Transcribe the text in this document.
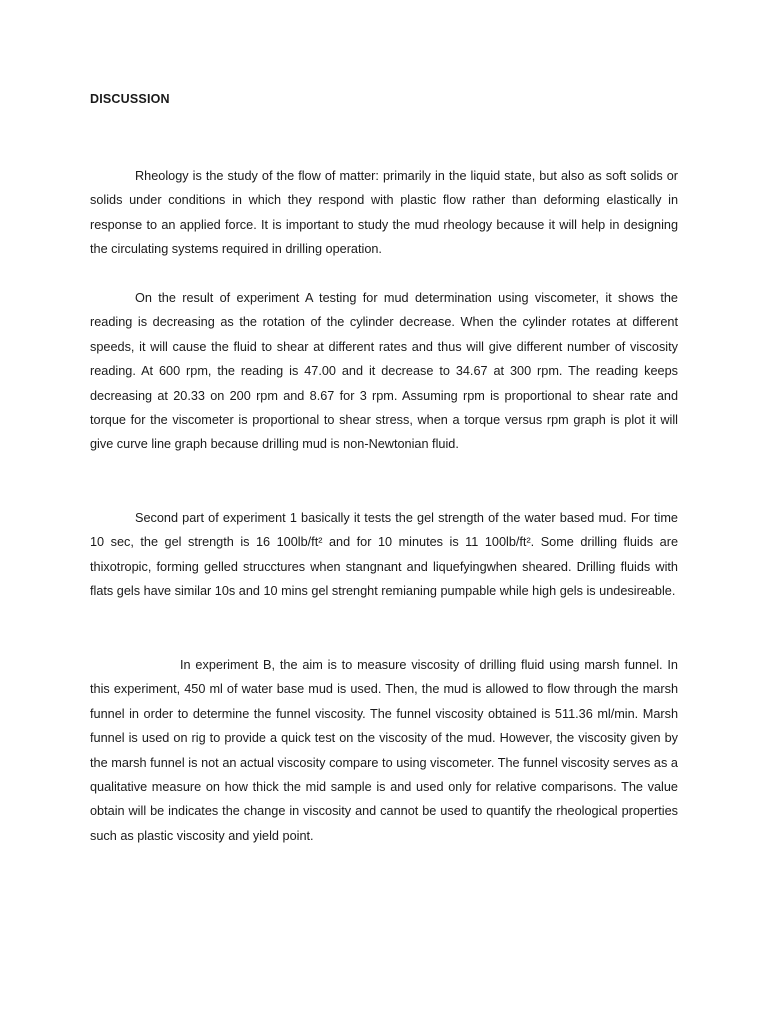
DISCUSSION

Rheology is the study of the flow of matter: primarily in the liquid state, but also as soft solids or solids under conditions in which they respond with plastic flow rather than deforming elastically in response to an applied force. It is important to study the mud rheology because it will help in designing the circulating systems required in drilling operation.

On the result of experiment A testing for mud determination using viscometer, it shows the reading is decreasing as the rotation of the cylinder decrease. When the cylinder rotates at different speeds, it will cause the fluid to shear at different rates and thus will give different number of viscosity reading. At 600 rpm, the reading is 47.00 and it decrease to 34.67 at 300 rpm. The reading keeps decreasing at 20.33 on 200 rpm and 8.67 for 3 rpm. Assuming rpm is proportional to shear rate and torque for the viscometer is proportional to shear stress, when a torque versus rpm graph is plot it will give curve line graph because drilling mud is non-Newtonian fluid.

Second part of experiment 1 basically it tests the gel strength of the water based mud. For time 10 sec, the gel strength is 16 100lb/ft² and for 10 minutes is 11 100lb/ft². Some drilling fluids are thixotropic, forming gelled strucctures when stangnant and liquefyingwhen sheared. Drilling fluids with flats gels have similar 10s and 10 mins gel strenght remianing pumpable while high gels is undesireable.

In experiment B, the aim is to measure viscosity of drilling fluid using marsh funnel. In this experiment, 450 ml of water base mud is used. Then, the mud is allowed to flow through the marsh funnel in order to determine the funnel viscosity. The funnel viscosity obtained is 511.36 ml/min. Marsh funnel is used on rig to provide a quick test on the viscosity of the mud. However, the viscosity given by the marsh funnel is not an actual viscosity compare to using viscometer. The funnel viscosity serves as a qualitative measure on how thick the mid sample is and used only for relative comparisons. The value obtain will be indicates the change in viscosity and cannot be used to quantify the rheological properties such as plastic viscosity and yield point.
